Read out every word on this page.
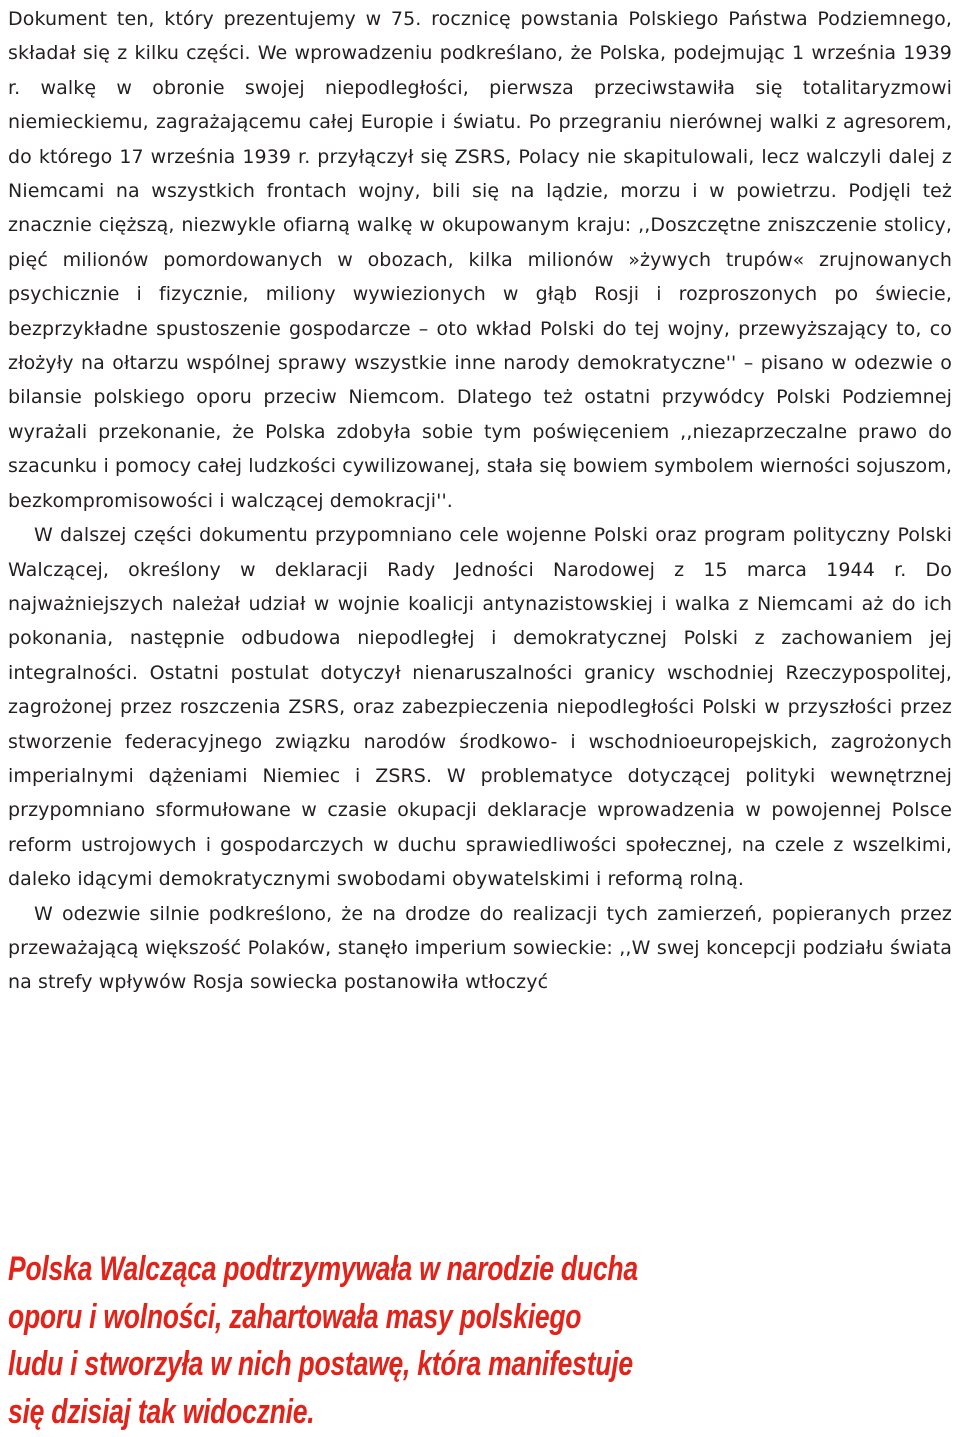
Dokument ten, który prezentujemy w 75. rocznicę powstania Polskiego Państwa Podziemnego, składał się z kilku części. We wprowadzeniu podkreślano, że Polska, podejmując 1 września 1939 r. walkę w obronie swojej niepodległości, pierwsza przeciwstawiła się totalitaryzmowi niemieckiemu, zagrażającemu całej Europie i światu. Po przegraniu nierównej walki z agresorem, do którego 17 września 1939 r. przyłączył się ZSRS, Polacy nie skapitulowali, lecz walczyli dalej z Niemcami na wszystkich frontach wojny, bili się na lądzie, morzu i w powietrzu. Podjęli też znacznie cięższą, niezwykle ofiarną walkę w okupowanym kraju: ,,Doszczętne zniszczenie stolicy, pięć milionów pomordowanych w obozach, kilka milionów »żywych trupów« zrujnowanych psychicznie i fizycznie, miliony wywiezionych w głąb Rosji i rozproszonych po świecie, bezprzykładne spustoszenie gospodarcze – oto wkład Polski do tej wojny, przewyższający to, co złożyły na ołtarzu wspólnej sprawy wszystkie inne narody demokratyczne'' – pisano w odezwie o bilansie polskiego oporu przeciw Niemcom. Dlatego też ostatni przywódcy Polski Podziemnej wyrażali przekonanie, że Polska zdobyła sobie tym poświęceniem ,,niezaprzeczalne prawo do szacunku i pomocy całej ludzkości cywilizowanej, stała się bowiem symbolem wierności sojuszom, bezkompromisowości i walczącej demokracji''.

W dalszej części dokumentu przypomniano cele wojenne Polski oraz program polityczny Polski Walczącej, określony w deklaracji Rady Jedności Narodowej z 15 marca 1944 r. Do najważniejszych należał udział w wojnie koalicji antynazistowskiej i walka z Niemcami aż do ich pokonania, następnie odbudowa niepodległej i demokratycznej Polski z zachowaniem jej integralności. Ostatni postulat dotyczył nienaruszalności granicy wschodniej Rzeczypospolitej, zagrożonej przez roszczenia ZSRS, oraz zabezpieczenia niepodległości Polski w przyszłości przez stworzenie federacyjnego związku narodów środkowo- i wschodnioeuropejskich, zagrożonych imperialnymi dążeniami Niemiec i ZSRS. W problematyce dotyczącej polityki wewnętrznej przypomniano sformułowane w czasie okupacji deklaracje wprowadzenia w powojennej Polsce reform ustrojowych i gospodarczych w duchu sprawiedliwości społecznej, na czele z wszelkimi, daleko idącymi demokratycznymi swobodami obywatelskimi i reformą rolną.

W odezwie silnie podkreślono, że na drodze do realizacji tych zamierzeń, popieranych przez przeważającą większość Polaków, stanęło imperium sowieckie: ,,W swej koncepcji podziału świata na strefy wpływów Rosja sowiecka postanowiła wtłoczyć

Polska Walcząca podtrzymywała w narodzie ducha
oporu i wolności, zahartowała masy polskiego
ludu i stworzyła w nich postawę, która manifestuje
się dzisiaj tak widocznie.
